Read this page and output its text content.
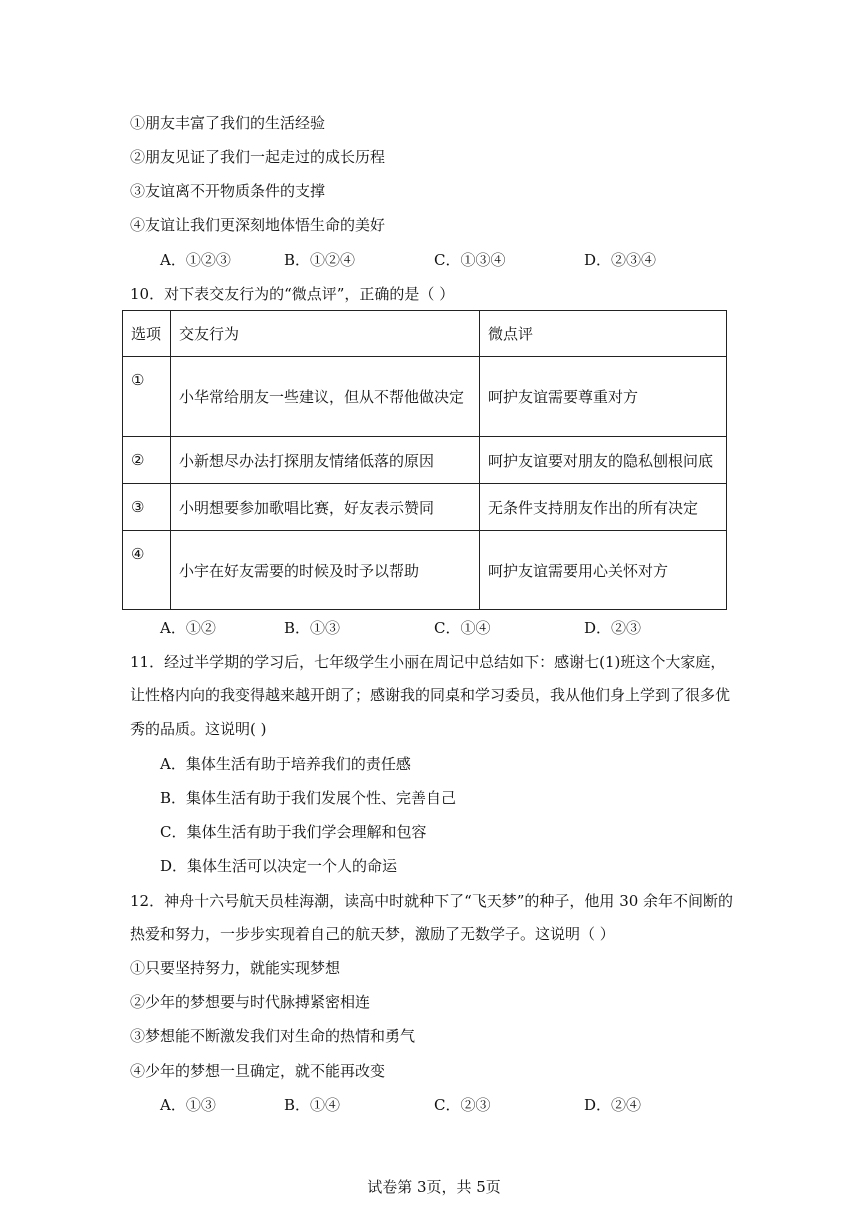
①朋友丰富了我们的生活经验
②朋友见证了我们一起走过的成长历程
③友谊离不开物质条件的支撑
④友谊让我们更深刻地体悟生命的美好
A．①②③	B．①②④	C．①③④	D．②③④
10．对下表交友行为的“微点评”，正确的是（ ）
选项	交友行为	微点评
①	小华常给朋友一些建议，但从不帮他做决定	呵护友谊需要尊重对方
②	小新想尽办法打探朋友情绪低落的原因	呵护友谊要对朋友的隐私刨根问底
③	小明想要参加歌唱比赛，好友表示赞同	无条件支持朋友作出的所有决定
④	小宇在好友需要的时候及时予以帮助	呵护友谊需要用心关怀对方
A．①②	B．①③	C．①④	D．②③
11．经过半学期的学习后，七年级学生小丽在周记中总结如下：感谢七(1)班这个大家庭，
让性格内向的我变得越来越开朗了；感谢我的同桌和学习委员，我从他们身上学到了很多优
秀的品质。这说明( )
A．集体生活有助于培养我们的责任感
B．集体生活有助于我们发展个性、完善自己
C．集体生活有助于我们学会理解和包容
D．集体生活可以决定一个人的命运
12．神舟十六号航天员桂海潮，读高中时就种下了“飞天梦”的种子，他用 30 余年不间断的
热爱和努力，一步步实现着自己的航天梦，激励了无数学子。这说明（ ）
①只要坚持努力，就能实现梦想
②少年的梦想要与时代脉搏紧密相连
③梦想能不断激发我们对生命的热情和勇气
④少年的梦想一旦确定，就不能再改变
A．①③	B．①④	C．②③	D．②④
试卷第 3页，共 5页
